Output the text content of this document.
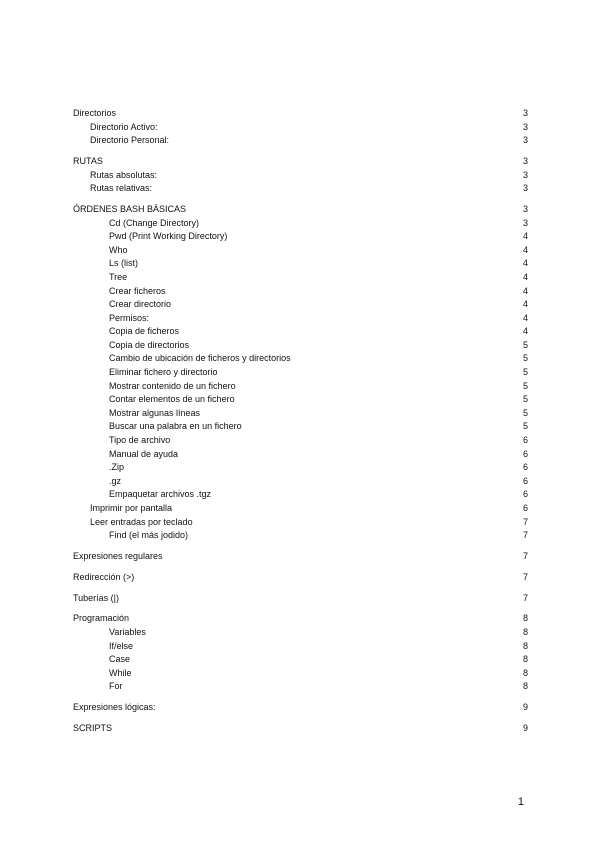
Directorios	3
Directorio Activo:	3
Directorio Personal:	3
RUTAS	3
Rutas absolutas:	3
Rutas relativas:	3
ÓRDENES BASH BÁSICAS	3
Cd (Change Directory)	3
Pwd (Print Working Directory)	4
Who	4
Ls (list)	4
Tree	4
Crear ficheros	4
Crear directorio	4
Permisos:	4
Copia de ficheros	4
Copia de directorios	5
Cambio de ubicación de ficheros y directorios	5
Eliminar fichero y directorio	5
Mostrar contenido de un fichero	5
Contar elementos de un fichero	5
Mostrar algunas líneas	5
Buscar una palabra en un fichero	5
Tipo de archivo	6
Manual de ayuda	6
.Zip	6
.gz	6
Empaquetar archivos .tgz	6
Imprimir por pantalla	6
Leer entradas por teclado	7
Find (el más jodido)	7
Expresiones regulares	7
Redirección (>)	7
Tuberías (|)	7
Programación	8
Variables	8
If/else	8
Case	8
While	8
For	8
Expresiones lógicas:	9
SCRIPTS	9
1
